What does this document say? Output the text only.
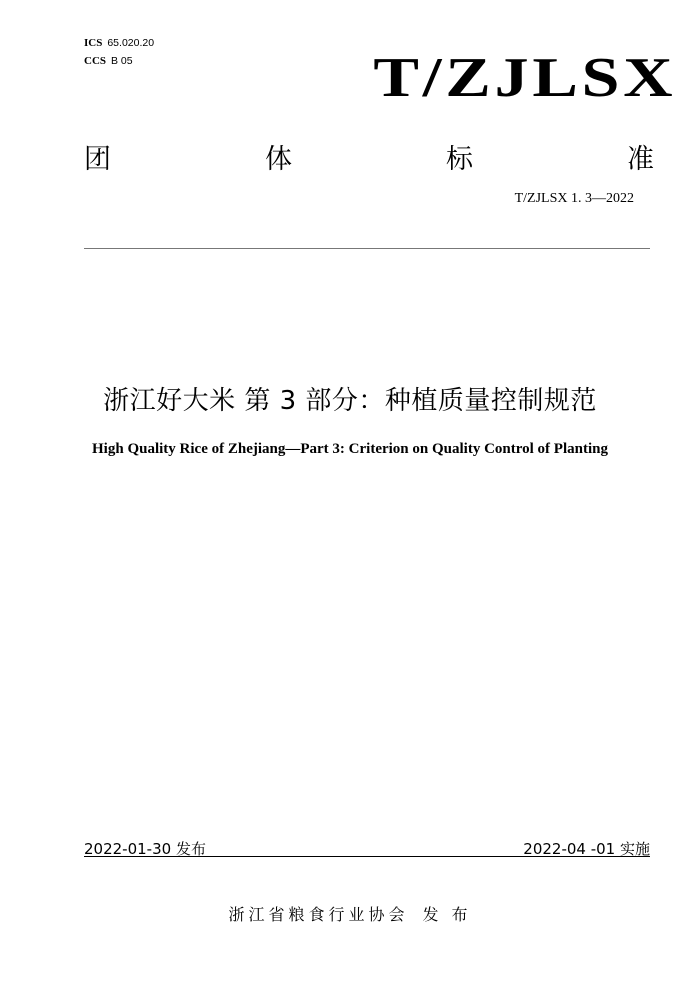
ICS 65.020.20
CCS B 05	T/ZJLSX
团	体	标	准
T/ZJLSX 1. 3—2022
浙江好大米 第 3 部分：种植质量控制规范
High Quality Rice of Zhejiang—Part 3: Criterion on Quality Control of Planting
2022-01-30 发布	2022-04 -01 实施
浙江省粮食行业协会 发 布
